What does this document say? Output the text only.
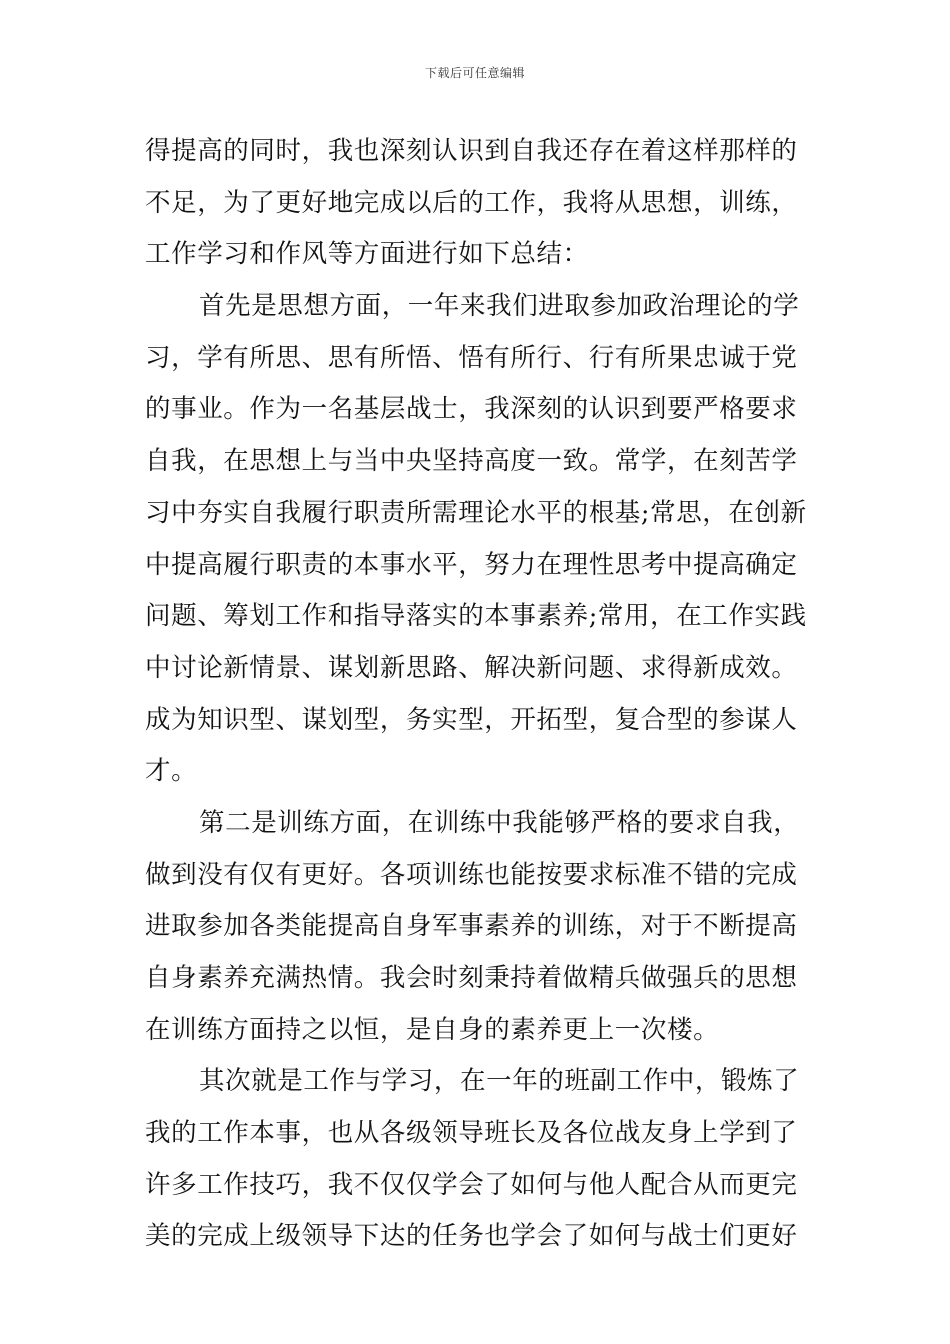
下载后可任意编辑
得提高的同时，我也深刻认识到自我还存在着这样那样的
不足，为了更好地完成以后的工作，我将从思想，训练，
工作学习和作风等方面进行如下总结：
首先是思想方面，一年来我们进取参加政治理论的学
习，学有所思、思有所悟、悟有所行、行有所果忠诚于党
的事业。作为一名基层战士，我深刻的认识到要严格要求
自我，在思想上与当中央坚持高度一致。常学，在刻苦学
习中夯实自我履行职责所需理论水平的根基;常思，在创新
中提高履行职责的本事水平，努力在理性思考中提高确定
问题、筹划工作和指导落实的本事素养;常用，在工作实践
中讨论新情景、谋划新思路、解决新问题、求得新成效。
成为知识型、谋划型，务实型，开拓型，复合型的参谋人
才。
第二是训练方面，在训练中我能够严格的要求自我，
做到没有仅有更好。各项训练也能按要求标准不错的完成
进取参加各类能提高自身军事素养的训练，对于不断提高
自身素养充满热情。我会时刻秉持着做精兵做强兵的思想
在训练方面持之以恒，是自身的素养更上一次楼。
其次就是工作与学习，在一年的班副工作中，锻炼了
我的工作本事，也从各级领导班长及各位战友身上学到了
许多工作技巧，我不仅仅学会了如何与他人配合从而更完
美的完成上级领导下达的任务也学会了如何与战士们更好
